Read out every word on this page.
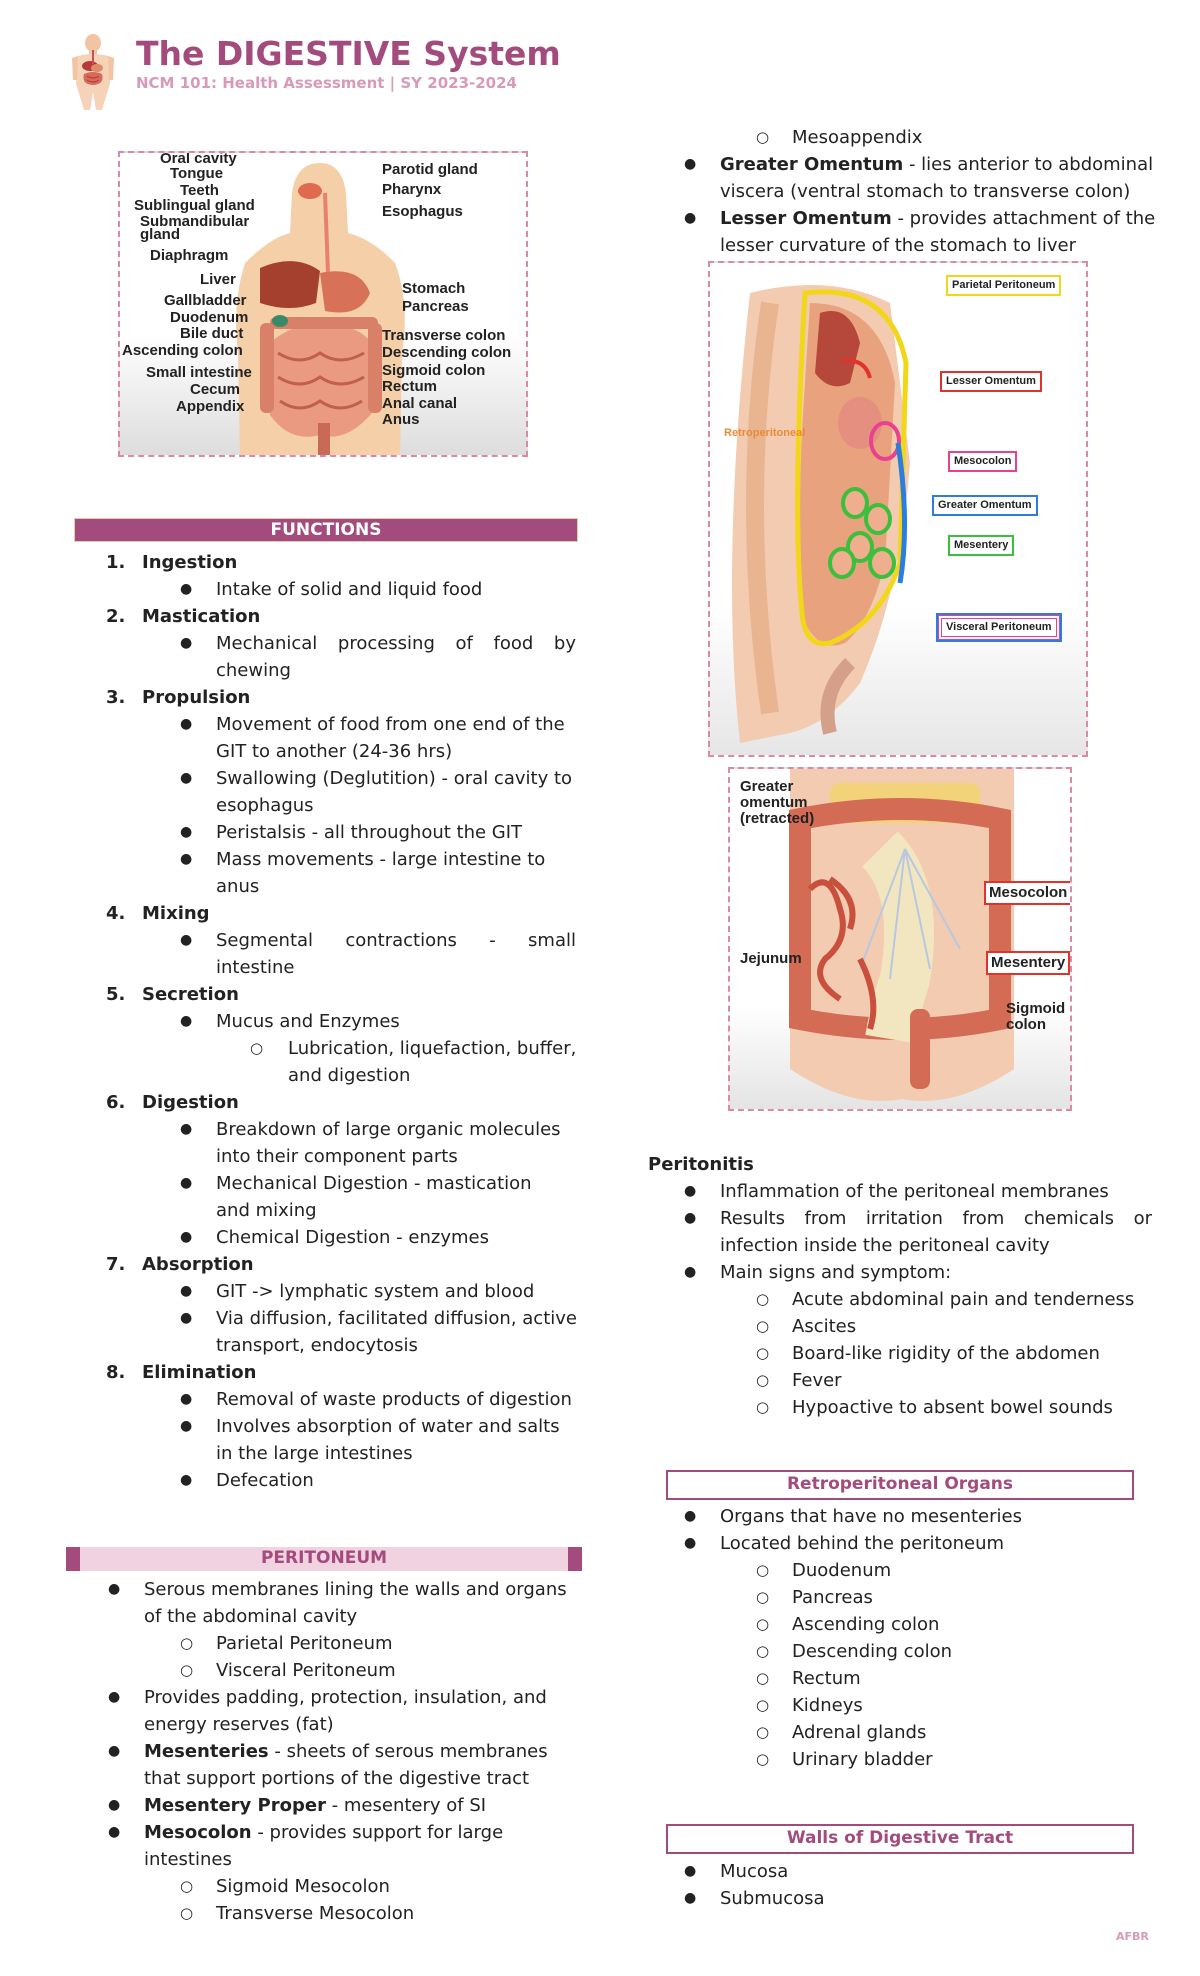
The DIGESTIVE System
NCM 101: Health Assessment | SY 2023-2024
Oral cavity
Tongue
Teeth
Sublingual gland
Submandibular
gland
Diaphragm
Liver
Gallbladder
Duodenum
Bile duct
Ascending colon
Small intestine
Cecum
Appendix
Parotid gland
Pharynx
Esophagus
Stomach
Pancreas
Transverse colon
Descending colon
Sigmoid colon
Rectum
Anal canal
Anus
FUNCTIONS
1. Ingestion
● Intake of solid and liquid food
2. Mastication
● Mechanical processing of food by
chewing
3. Propulsion
● Movement of food from one end of the
GIT to another (24-36 hrs)
● Swallowing (Deglutition) - oral cavity to
esophagus
● Peristalsis - all throughout the GIT
● Mass movements - large intestine to
anus
4. Mixing
● Segmental contractions - small
intestine
5. Secretion
● Mucus and Enzymes
○ Lubrication, liquefaction, buffer,
and digestion
6. Digestion
● Breakdown of large organic molecules
into their component parts
● Mechanical Digestion - mastication
and mixing
● Chemical Digestion - enzymes
7. Absorption
● GIT -> lymphatic system and blood
● Via diffusion, facilitated diffusion, active
transport, endocytosis
8. Elimination
● Removal of waste products of digestion
● Involves absorption of water and salts
in the large intestines
● Defecation
PERITONEUM
● Serous membranes lining the walls and organs
of the abdominal cavity
○ Parietal Peritoneum
○ Visceral Peritoneum
● Provides padding, protection, insulation, and
energy reserves (fat)
● Mesenteries - sheets of serous membranes
that support portions of the digestive tract
● Mesentery Proper - mesentery of SI
● Mesocolon - provides support for large
intestines
○ Sigmoid Mesocolon
○ Transverse Mesocolon
○ Mesoappendix
● Greater Omentum - lies anterior to abdominal
viscera (ventral stomach to transverse colon)
● Lesser Omentum - provides attachment of the
lesser curvature of the stomach to liver
Parietal Peritoneum
Lesser Omentum
Mesocolon
Greater Omentum
Mesentery
Visceral Peritoneum
Retroperitoneal
Greater
omentum
(retracted)
Mesocolon
Jejunum	Mesentery
Sigmoid
colon
Peritonitis
● Inflammation of the peritoneal membranes
● Results from irritation from chemicals or
infection inside the peritoneal cavity
● Main signs and symptom:
○ Acute abdominal pain and tenderness
○ Ascites
○ Board-like rigidity of the abdomen
○ Fever
○ Hypoactive to absent bowel sounds
Retroperitoneal Organs
● Organs that have no mesenteries
● Located behind the peritoneum
○ Duodenum
○ Pancreas
○ Ascending colon
○ Descending colon
○ Rectum
○ Kidneys
○ Adrenal glands
○ Urinary bladder
Walls of Digestive Tract
● Mucosa
● Submucosa
AFBR
